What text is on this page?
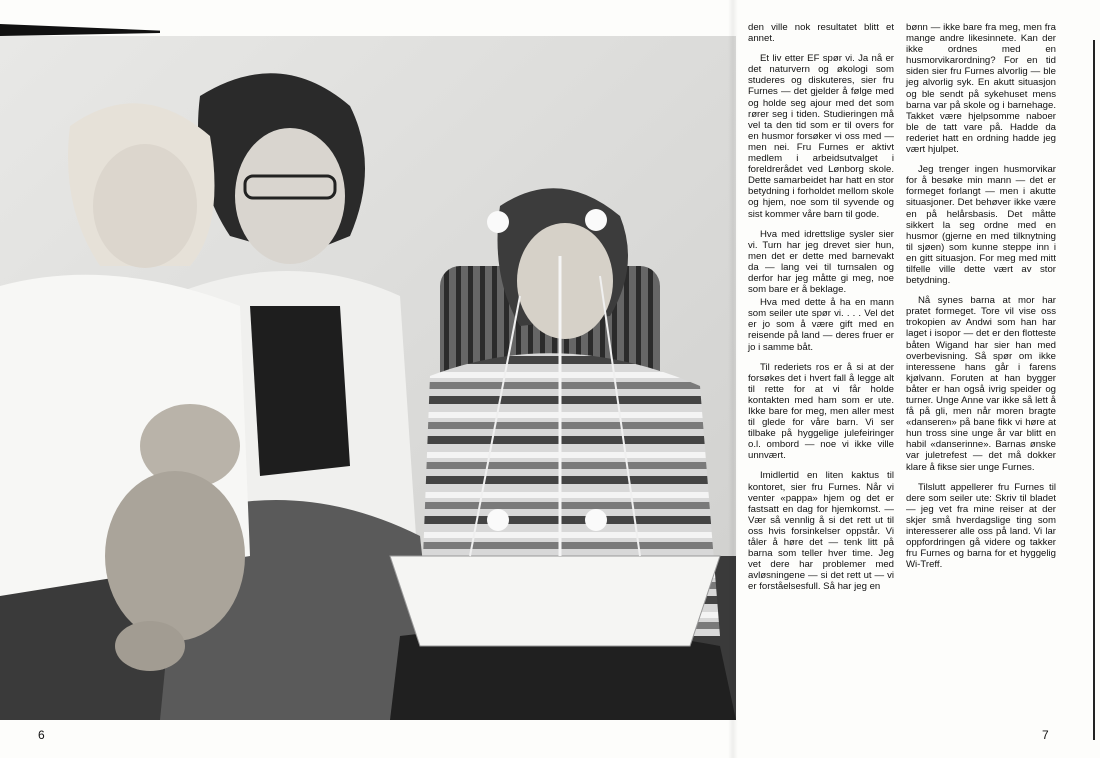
den ville nok resultatet blitt et annet.

Et liv etter EF spør vi. Ja nå er det naturvern og økologi som studeres og diskuteres, sier fru Furnes — det gjelder å følge med og holde seg ajour med det som rører seg i tiden. Studieringen må vel ta den tid som er til overs for en husmor forsøker vi oss med — men nei. Fru Furnes er aktivt medlem i arbeidsutvalget i foreldrerådet ved Lønborg skole. Dette samarbeidet har hatt en stor betydning i forholdet mellom skole og hjem, noe som til syvende og sist kommer våre barn til gode.

Hva med idrettslige sysler sier vi. Turn har jeg drevet sier hun, men det er dette med barnevakt da — lang vei til turnsalen og derfor har jeg måtte gi meg, noe som bare er å beklage.

Hva med dette å ha en mann som seiler ute spør vi. . . . Vel det er jo som å være gift med en reisende på land — deres fruer er jo i samme båt.

Til rederiets ros er å si at der forsøkes det i hvert fall å legge alt til rette for at vi får holde kontakten med ham som er ute. Ikke bare for meg, men aller mest til glede for våre barn. Vi ser tilbake på hyggelige julefeiringer o.l. ombord — noe vi ikke ville unnvært.

Imidlertid en liten kaktus til kontoret, sier fru Furnes. Når vi venter «pappa» hjem og det er fastsatt en dag for hjemkomst. — Vær så vennlig å si det rett ut til oss hvis forsinkelser oppstår. Vi tåler å høre det — tenk litt på barna som teller hver time. Jeg vet dere har problemer med avløsningene — si det rett ut — vi er forståelsesfull. Så har jeg en

bønn — ikke bare fra meg, men fra mange andre likesinnete. Kan der ikke ordnes med en husmorvikarordning? For en tid siden sier fru Furnes alvorlig — ble jeg alvorlig syk. En akutt situasjon og ble sendt på sykehuset mens barna var på skole og i barnehage. Takket være hjelpsomme naboer ble de tatt vare på. Hadde da rederiet hatt en ordning hadde jeg vært hjulpet.

Jeg trenger ingen husmorvikar for å besøke min mann — det er formeget forlangt — men i akutte situasjoner. Det behøver ikke være en på helårsbasis. Det måtte sikkert la seg ordne med en husmor (gjerne en med tilknytning til sjøen) som kunne steppe inn i en gitt situasjon. For meg med mitt tilfelle ville dette vært av stor betydning.

Nå synes barna at mor har pratet formeget. Tore vil vise oss trokopien av Andwi som han har laget i isopor — det er den flotteste båten Wigand har sier han med overbevisning. Så spør om ikke interessene hans går i farens kjølvann. Foruten at han bygger båter er han også ivrig speider og turner. Unge Anne var ikke så lett å få på gli, men når moren bragte «danseren» på bane fikk vi høre at hun tross sine unge år var blitt en habil «danserinne». Barnas ønske var juletrefest — det må dokker klare å fikse sier unge Furnes.

Tilslutt appellerer fru Furnes til dere som seiler ute: Skriv til bladet — jeg vet fra mine reiser at der skjer små hverdagslige ting som interesserer alle oss på land. Vi lar oppfordringen gå videre og takker fru Furnes og barna for et hyggelig Wi-Treff.

6	7
